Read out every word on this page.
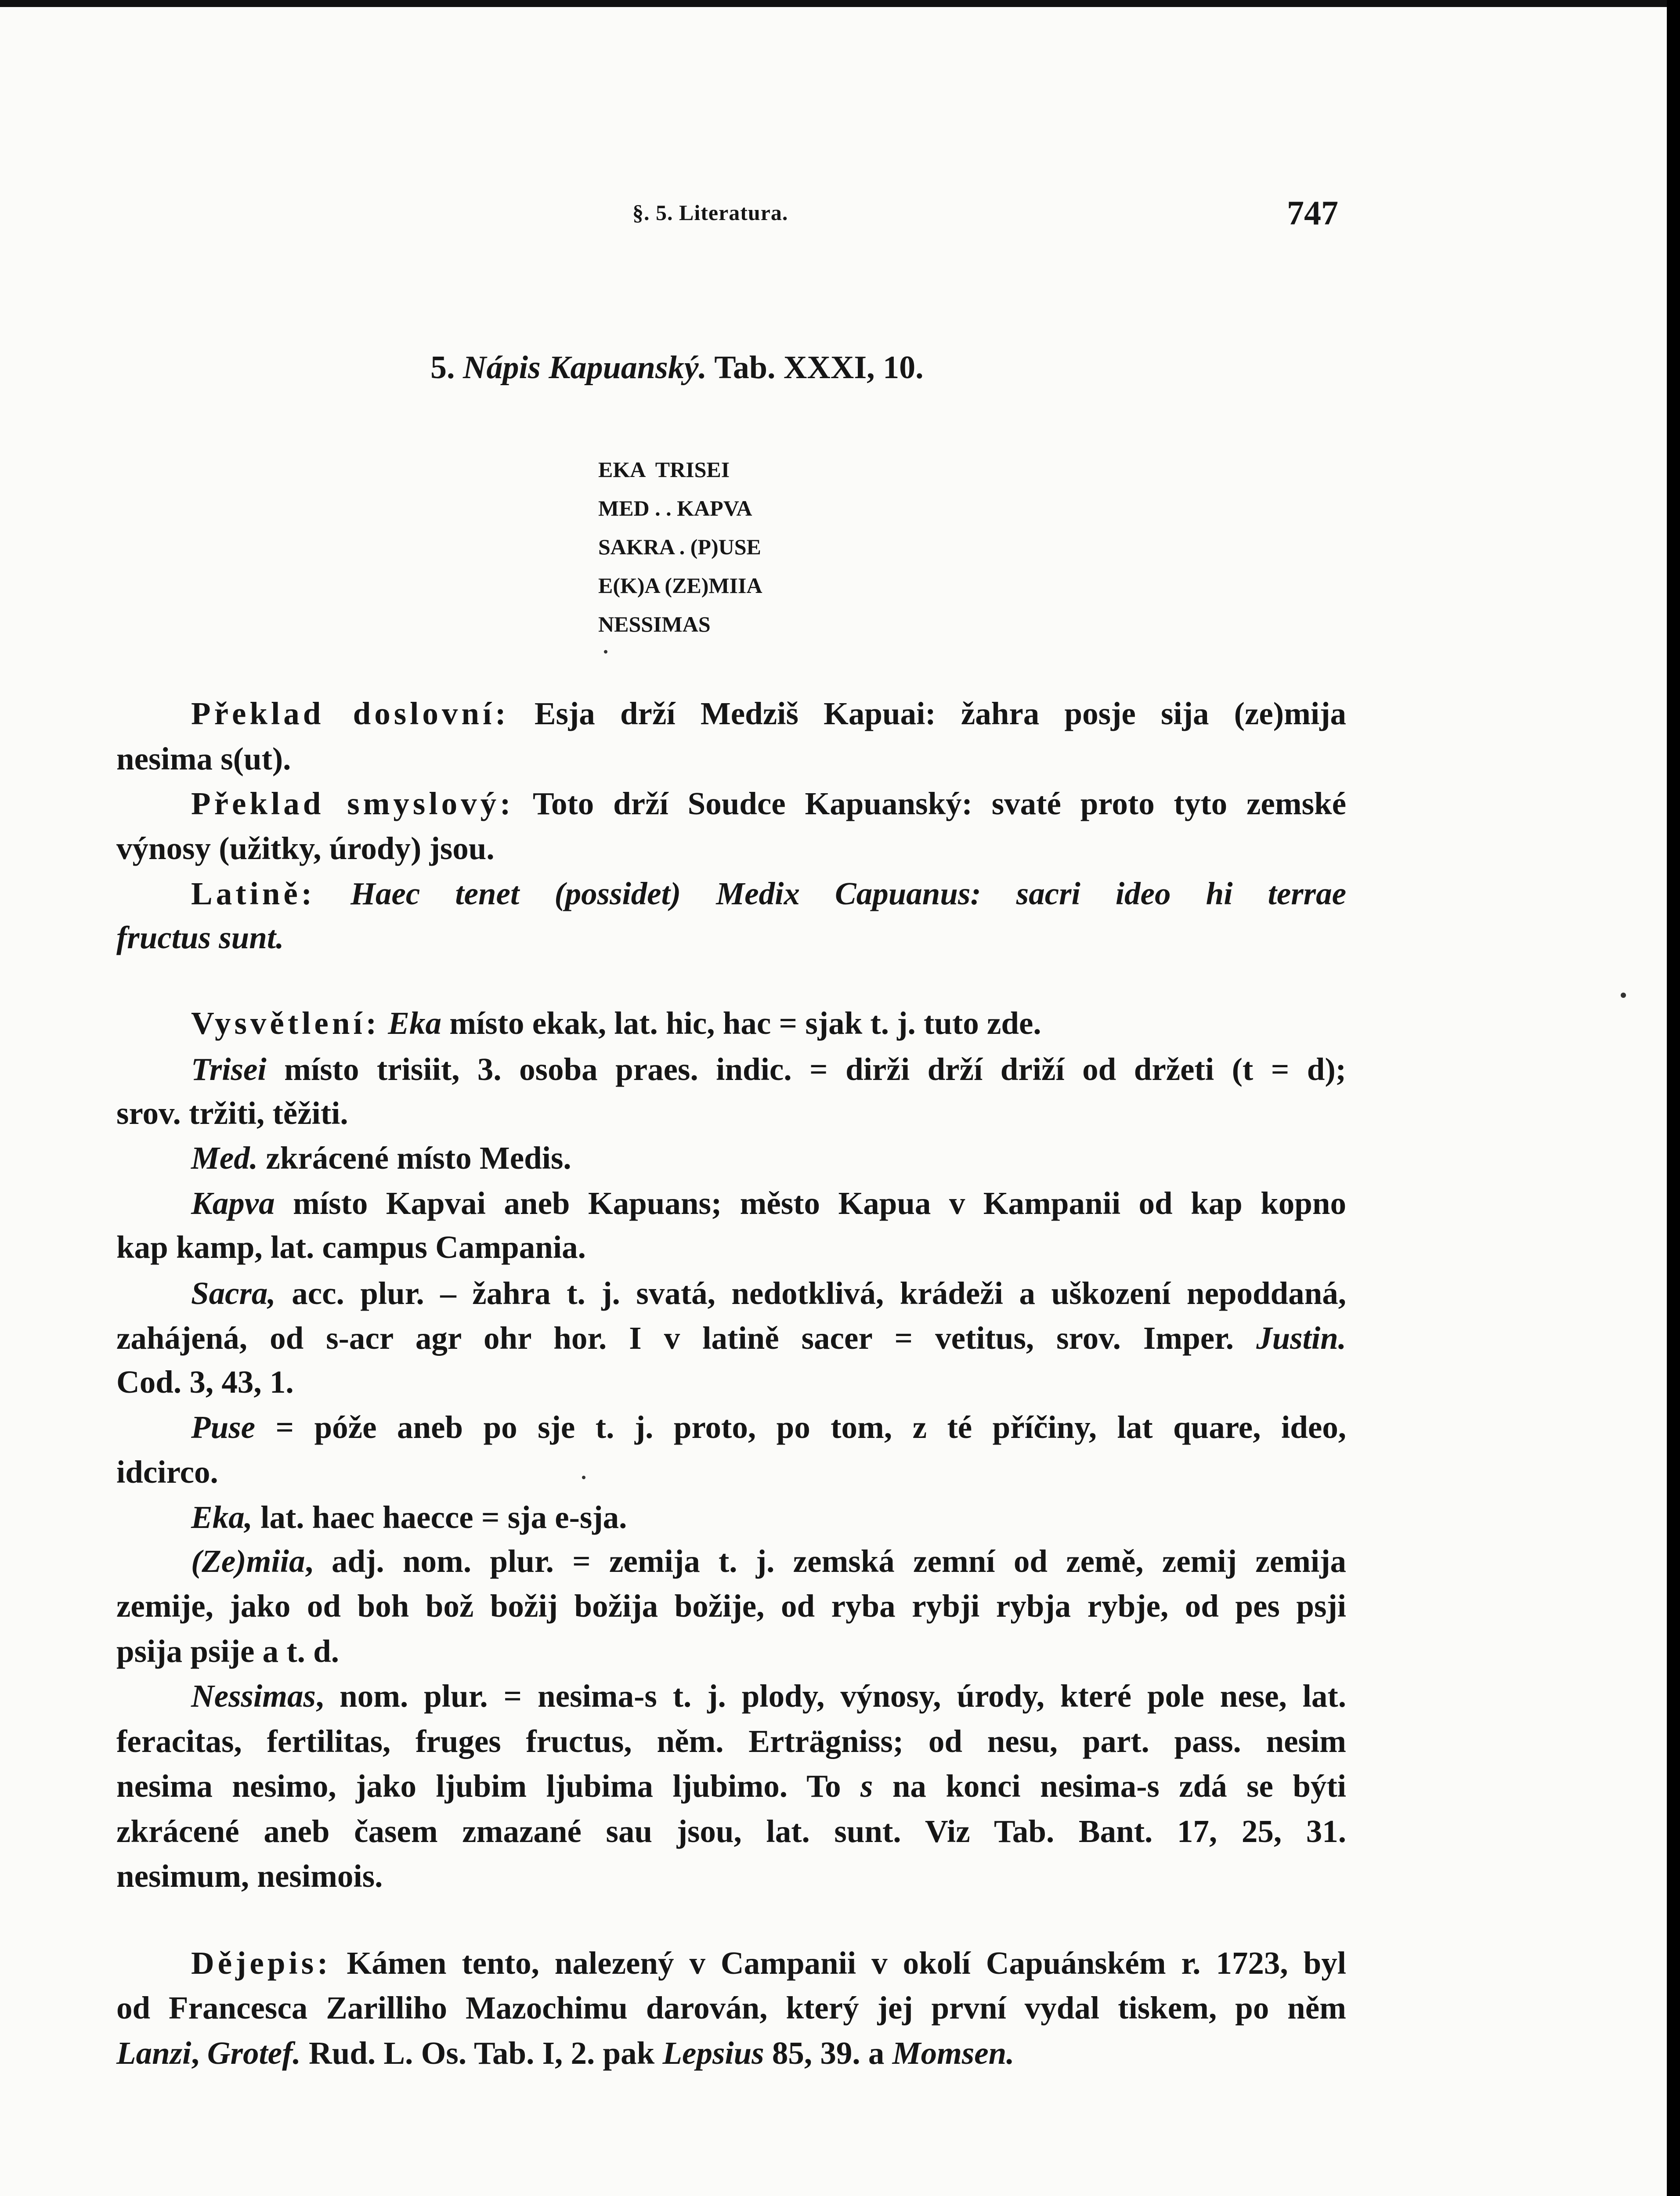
§. 5. Literatura.	747
5. Nápis Kapuanský. Tab. XXXI, 10.
EKA  TRISEI
MED . . KAPVA
SAKRA . (P)USE
E(K)A (ZE)MIIA
NESSIMAS
Překlad doslovní: Esja drží Medziš Kapuai: žahra posje sija (ze)mija
nesima s(ut).
Překlad smyslový: Toto drží Soudce Kapuanský: svaté proto tyto zemské
výnosy (užitky, úrody) jsou.
Latině: Haec tenet (possidet) Medix Capuanus: sacri ideo hi terrae
fructus sunt.
Vysvětlení: Eka místo ekak, lat. hic, hac = sjak t. j. tuto zde.
Trisei místo trisiit, 3. osoba praes. indic. = dirži drží driží od držeti (t = d);
srov. tržiti, těžiti.
Med. zkrácené místo Medis.
Kapva místo Kapvai aneb Kapuans; město Kapua v Kampanii od kap kopno
kap kamp, lat. campus Campania.
Sacra, acc. plur. – žahra t. j. svatá, nedotklivá, krádeži a uškození nepoddaná,
zahájená, od s-acr agr ohr hor. I v latině sacer = vetitus, srov. Imper. Justin.
Cod. 3, 43, 1.
Puse = póže aneb po sje t. j. proto, po tom, z té příčiny, lat quare, ideo,
idcirco.
Eka, lat. haec haecce = sja e-sja.
(Ze)miia, adj. nom. plur. = zemija t. j. zemská zemní od země, zemij zemija
zemije, jako od boh bož božij božija božije, od ryba rybji rybja rybje, od pes psji
psija psije a t. d.
Nessimas, nom. plur. = nesima-s t. j. plody, výnosy, úrody, které pole nese, lat.
feracitas, fertilitas, fruges fructus, něm. Erträgniss; od nesu, part. pass. nesim
nesima nesimo, jako ljubim ljubima ljubimo. To s na konci nesima-s zdá se býti
zkrácené aneb časem zmazané sau jsou, lat. sunt. Viz Tab. Bant. 17, 25, 31.
nesimum, nesimois.
Dějepis: Kámen tento, nalezený v Campanii v okolí Capuánském r. 1723, byl
od Francesca Zarilliho Mazochimu darován, který jej první vydal tiskem, po něm
Lanzi, Grotef. Rud. L. Os. Tab. I, 2. pak Lepsius 85, 39. a Momsen.
